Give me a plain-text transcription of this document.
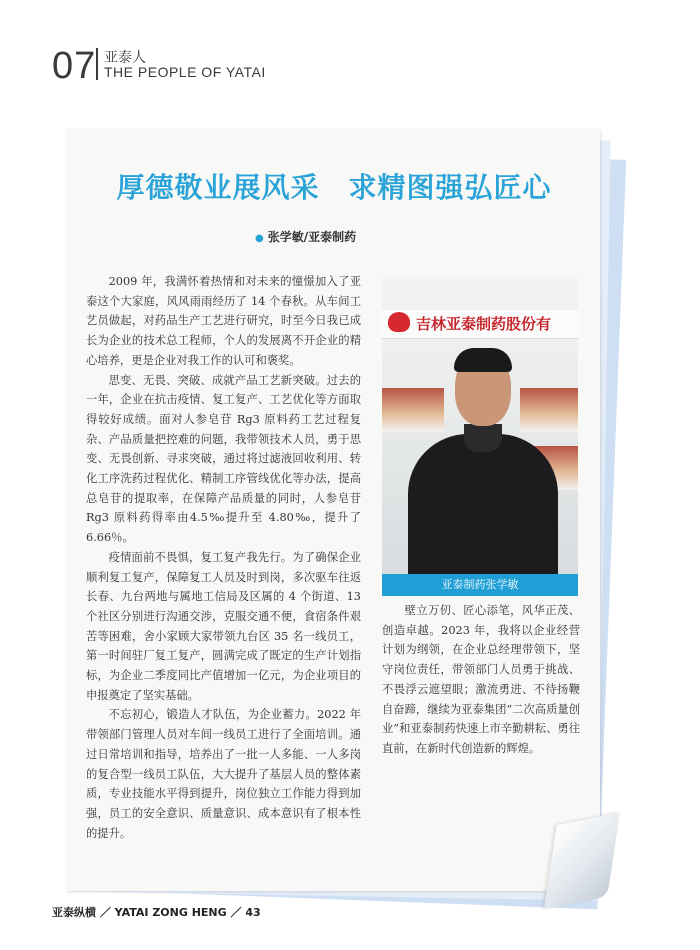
07 亚泰人
THE PEOPLE OF YATAI
厚德敬业展风采　求精图强弘匠心
● 张学敏/亚泰制药

2009 年，我满怀着热情和对未来的憧憬加入了亚泰这个大家庭，风风雨雨经历了 14 个春秋。从车间工艺员做起，对药品生产工艺进行研究，时至今日我已成长为企业的技术总工程师，个人的发展离不开企业的精心培养，更是企业对我工作的认可和褒奖。

思变、无畏、突破、成就产品工艺新突破。过去的一年，企业在抗击疫情、复工复产、工艺优化等方面取得较好成绩。面对人参皂苷 Rg3 原料药工艺过程复杂、产品质量把控难的问题，我带领技术人员，勇于思变、无畏创新、寻求突破，通过将过滤液回收利用、转化工序洗药过程优化、精制工序管线优化等办法，提高总皂苷的提取率，在保障产品质量的同时，人参皂苷 Rg3 原料药得率由4.5‰提升至 4.80‰，提升了 6.66％。

疫情面前不畏惧，复工复产我先行。为了确保企业顺利复工复产，保障复工人员及时到岗，多次驱车往返长春、九台两地与属地工信局及区属的 4 个街道、13 个社区分别进行沟通交涉，克服交通不便，食宿条件艰苦等困难，舍小家顾大家带领九台区 35 名一线员工，第一时间驻厂复工复产，圆满完成了既定的生产计划指标，为企业二季度同比产值增加一亿元，为企业项目的申报奠定了坚实基础。

不忘初心，锻造人才队伍，为企业蓄力。2022 年带领部门管理人员对车间一线员工进行了全面培训。通过日常培训和指导，培养出了一批一人多能、一人多岗的复合型一线员工队伍，大大提升了基层人员的整体素质，专业技能水平得到提升，岗位独立工作能力得到加强，员工的安全意识、质量意识、成本意识有了根本性的提升。

吉林亚泰制药股份有
亚泰制药张学敏

壁立万仞、匠心添笔，风华正茂、创造卓越。2023 年，我将以企业经营计划为纲领，在企业总经理带领下，坚守岗位责任，带领部门人员勇于挑战、不畏浮云遮望眼；激流勇进、不待扬鞭自奋蹄，继续为亚泰集团“二次高质量创业”和亚泰制药快速上市辛勤耕耘、勇往直前，在新时代创造新的辉煌。

亚泰纵横 ／ YATAI ZONG HENG ／ 43
